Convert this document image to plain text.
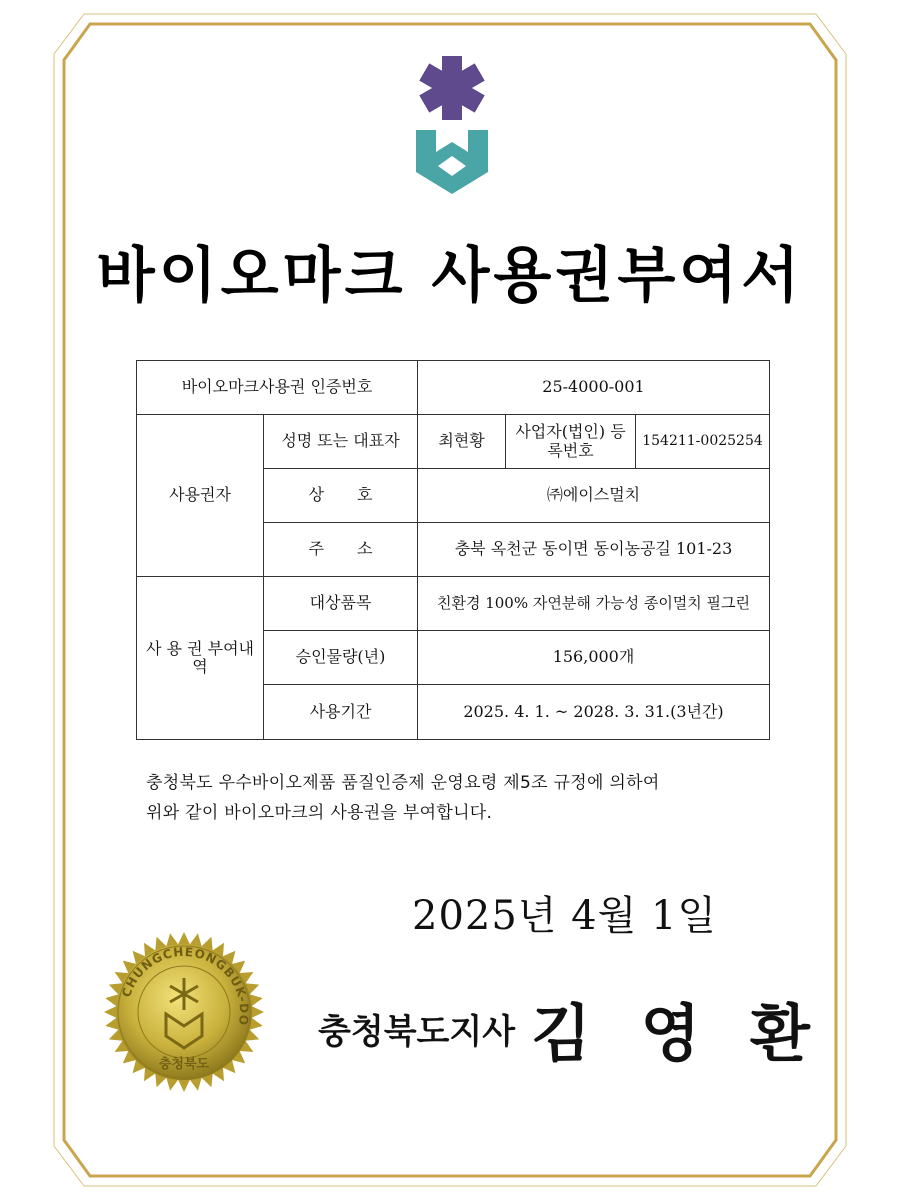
바이오마크 사용권부여서
바이오마크사용권 인증번호		25-4000-001		
사용권자	성명 또는 대표자	최현황	사업자(법인) 등록번호	154211-0025254
	상 호	㈜에이스멀치		
	주 소	충북 옥천군 동이면 동이농공길 101-23		
사 용 권 부여내역	대상품목	친환경 100% 자연분해 가능성 종이멀치 필그린		
	승인물량(년)	156,000개		
	사용기간	2025. 4. 1. ~ 2028. 3. 31.(3년간)		
충청북도 우수바이오제품 품질인증제 운영요령 제5조 규정에 의하여
위와 같이 바이오마크의 사용권을 부여합니다.
2025년 4월 1일
CHUNGCHEONGBUK-DO
충청북도
충청북도지사 김 영 환
